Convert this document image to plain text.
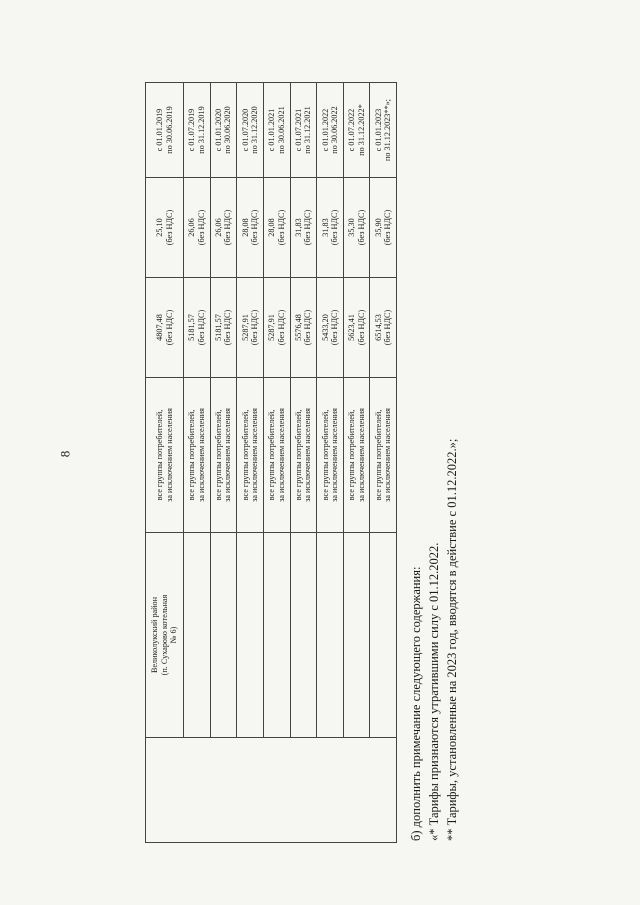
8

	Великолукский район (п. Сухарово котельная № 6)	все группы потребителей, за исключением населения	4807,48 (без НДС)	25,10 (без НДС)	с 01.01.2019 по 30.06.2019

		все группы потребителей, за исключением населения	5181,57 (без НДС)	26,06 (без НДС)	с 01.07.2019 по 31.12.2019

		все группы потребителей, за исключением населения	5181,57 (без НДС)	26,06 (без НДС)	с 01.01.2020 по 30.06.2020

		все группы потребителей, за исключением населения	5287,91 (без НДС)	28,08 (без НДС)	с 01.07.2020 по 31.12.2020

		все группы потребителей, за исключением населения	5287,91 (без НДС)	28,08 (без НДС)	с 01.01.2021 по 30.06.2021

		все группы потребителей, за исключением населения	5576,48 (без НДС)	31,83 (без НДС)	с 01.07.2021 по 31.12.2021

		все группы потребителей, за исключением населения	5433,20 (без НДС)	31,83 (без НДС)	с 01.01.2022 по 30.06.2022

		все группы потребителей, за исключением населения	5623,41 (без НДС)	35,30 (без НДС)	с 01.07.2022 по 31.12.2022*

		все группы потребителей, за исключением населения	6514,53 (без НДС)	35,90 (без НДС)	с 01.01.2023 по 31.12.2023**»;
б) дополнить примечание следующего содержания: «* Тарифы признаются утратившими силу с 01.12.2022. ** Тарифы, установленные на 2023 год, вводятся в действие с 01.12.2022.»;
